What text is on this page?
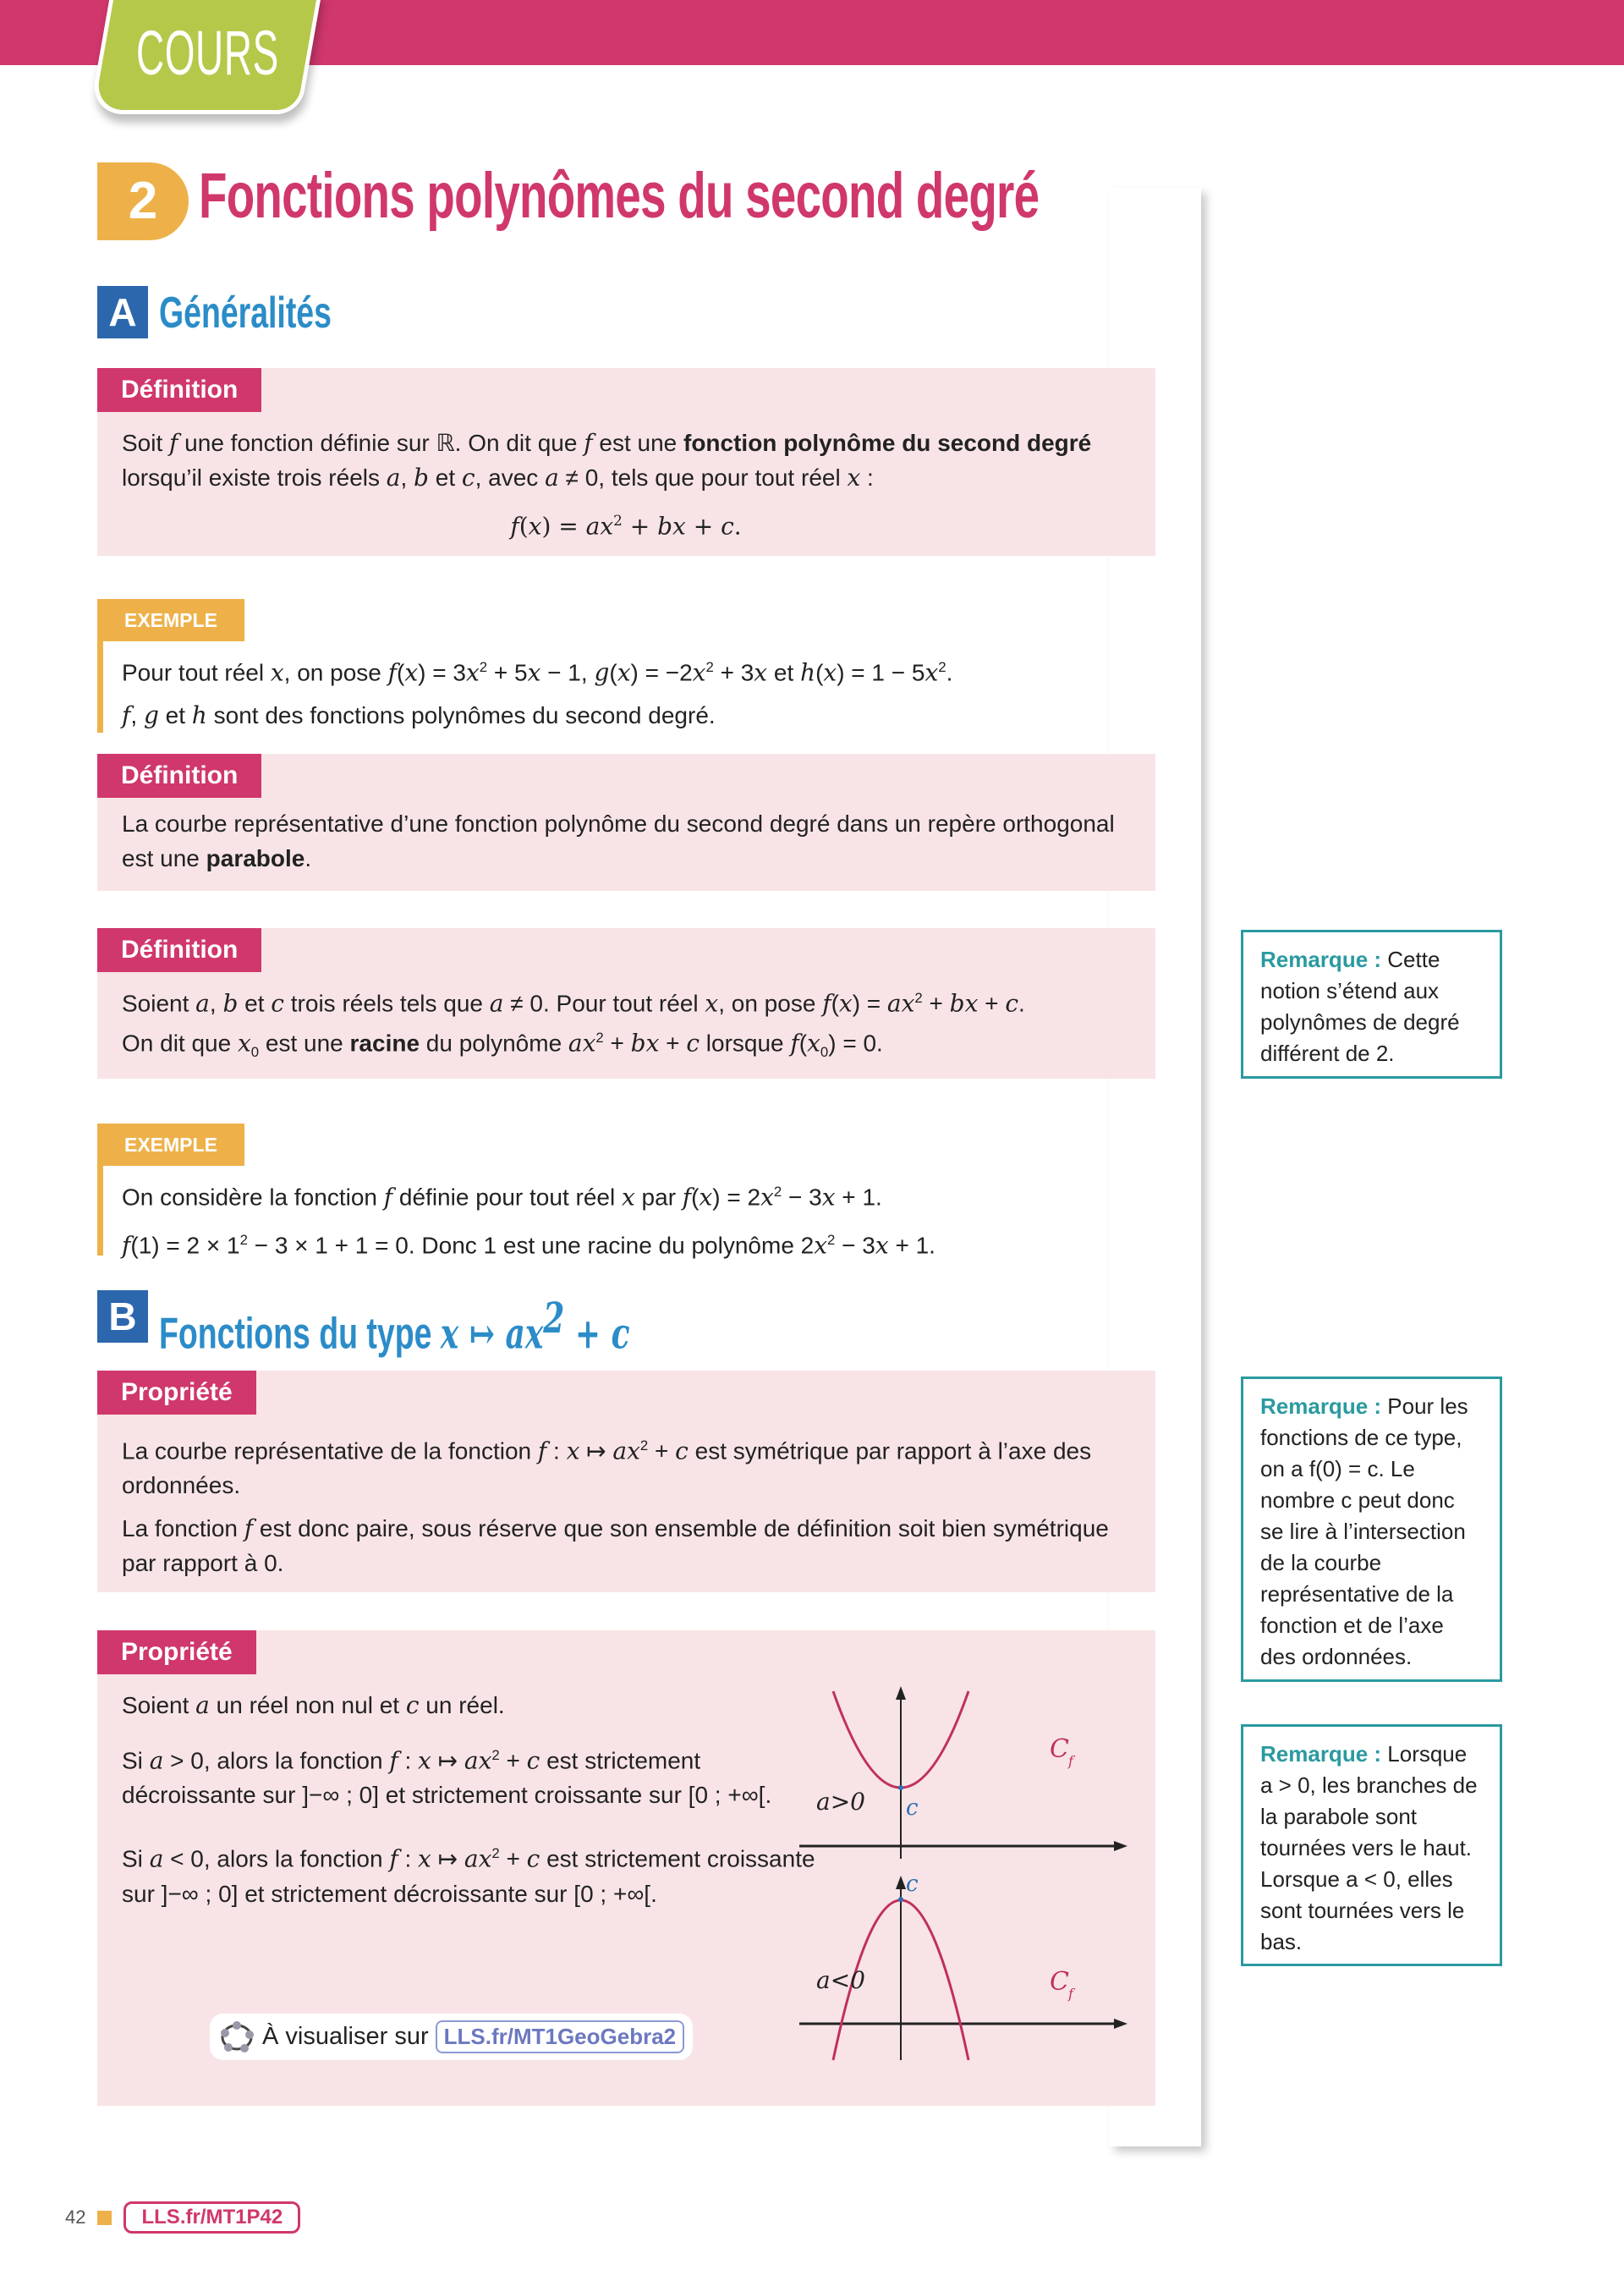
COURS
2 Fonctions polynômes du second degré
A Généralités
Définition

Soit f une fonction définie sur ℝ. On dit que f est une fonction polynôme du second degré lorsqu’il existe trois réels a, b et c, avec a ≠ 0, tels que pour tout réel x :

$f(x) = ax^2$ + bx + c.

EXEMPLE

Pour tout réel x, on pose $f(x) = 3x^2 + 5x - 1$, $g(x) = -2x^2 + 3x$ et $h(x) = 1 - 5x^2$.

f, g et h sont des fonctions polynômes du second degré.

Définition

La courbe représentative d’une fonction polynôme du second degré dans un repère orthogonal est une parabole.

Définition

Soient a, b et c trois réels tels que a ≠ 0. Pour tout réel x, on pose $f(x) = ax^2$ + bx + c.

On dit que $x_0$ est une racine du polynôme $ax^2$ + bx + c lorsque $f(x_0) = 0$.

EXEMPLE

On considère la fonction f définie pour tout réel x par $f(x) = 2x^2 - 3x + 1$.

$f(1) = 2 \times 1^2 - 3 \times 1 + 1 = 0$. Donc 1 est une racine du polynôme $2x^2 - 3x + 1$.

B Fonctions du type x ↦ ax2 + c
Propriété

La courbe représentative de la fonction f : x ↦ $ax^2 + c$ est symétrique par rapport à l’axe des ordonnées.

La fonction f est donc paire, sous réserve que son ensemble de définition soit bien symétrique par rapport à 0.

Propriété

Soient a un réel non nul et c un réel.

Si a > 0, alors la fonction f : x ↦ $ax^2 + c$ est strictement décroissante sur ]−∞ ; 0] et strictement croissante sur [0 ; +∞[.

Si a < 0, alors la fonction f : x ↦ $ax^2 + c$ est strictement croissante sur ]−∞ ; 0] et strictement décroissante sur [0 ; +∞[.

a>0 c
C f
a<0
c
C f
À visualiser sur LLS.fr/MT1GeoGebra2
Remarque : Cette notion s’étend aux polynômes de degré différent de 2.
Remarque : Pour les fonctions de ce type, on a f(0) = c. Le nombre c peut donc se lire à l’intersection de la courbe représentative de la fonction et de l’axe des ordonnées.
Remarque : Lorsque a > 0, les branches de la parabole sont tournées vers le haut. Lorsque a < 0, elles sont tournées vers le bas.
42	LLS.fr/MT1P42
